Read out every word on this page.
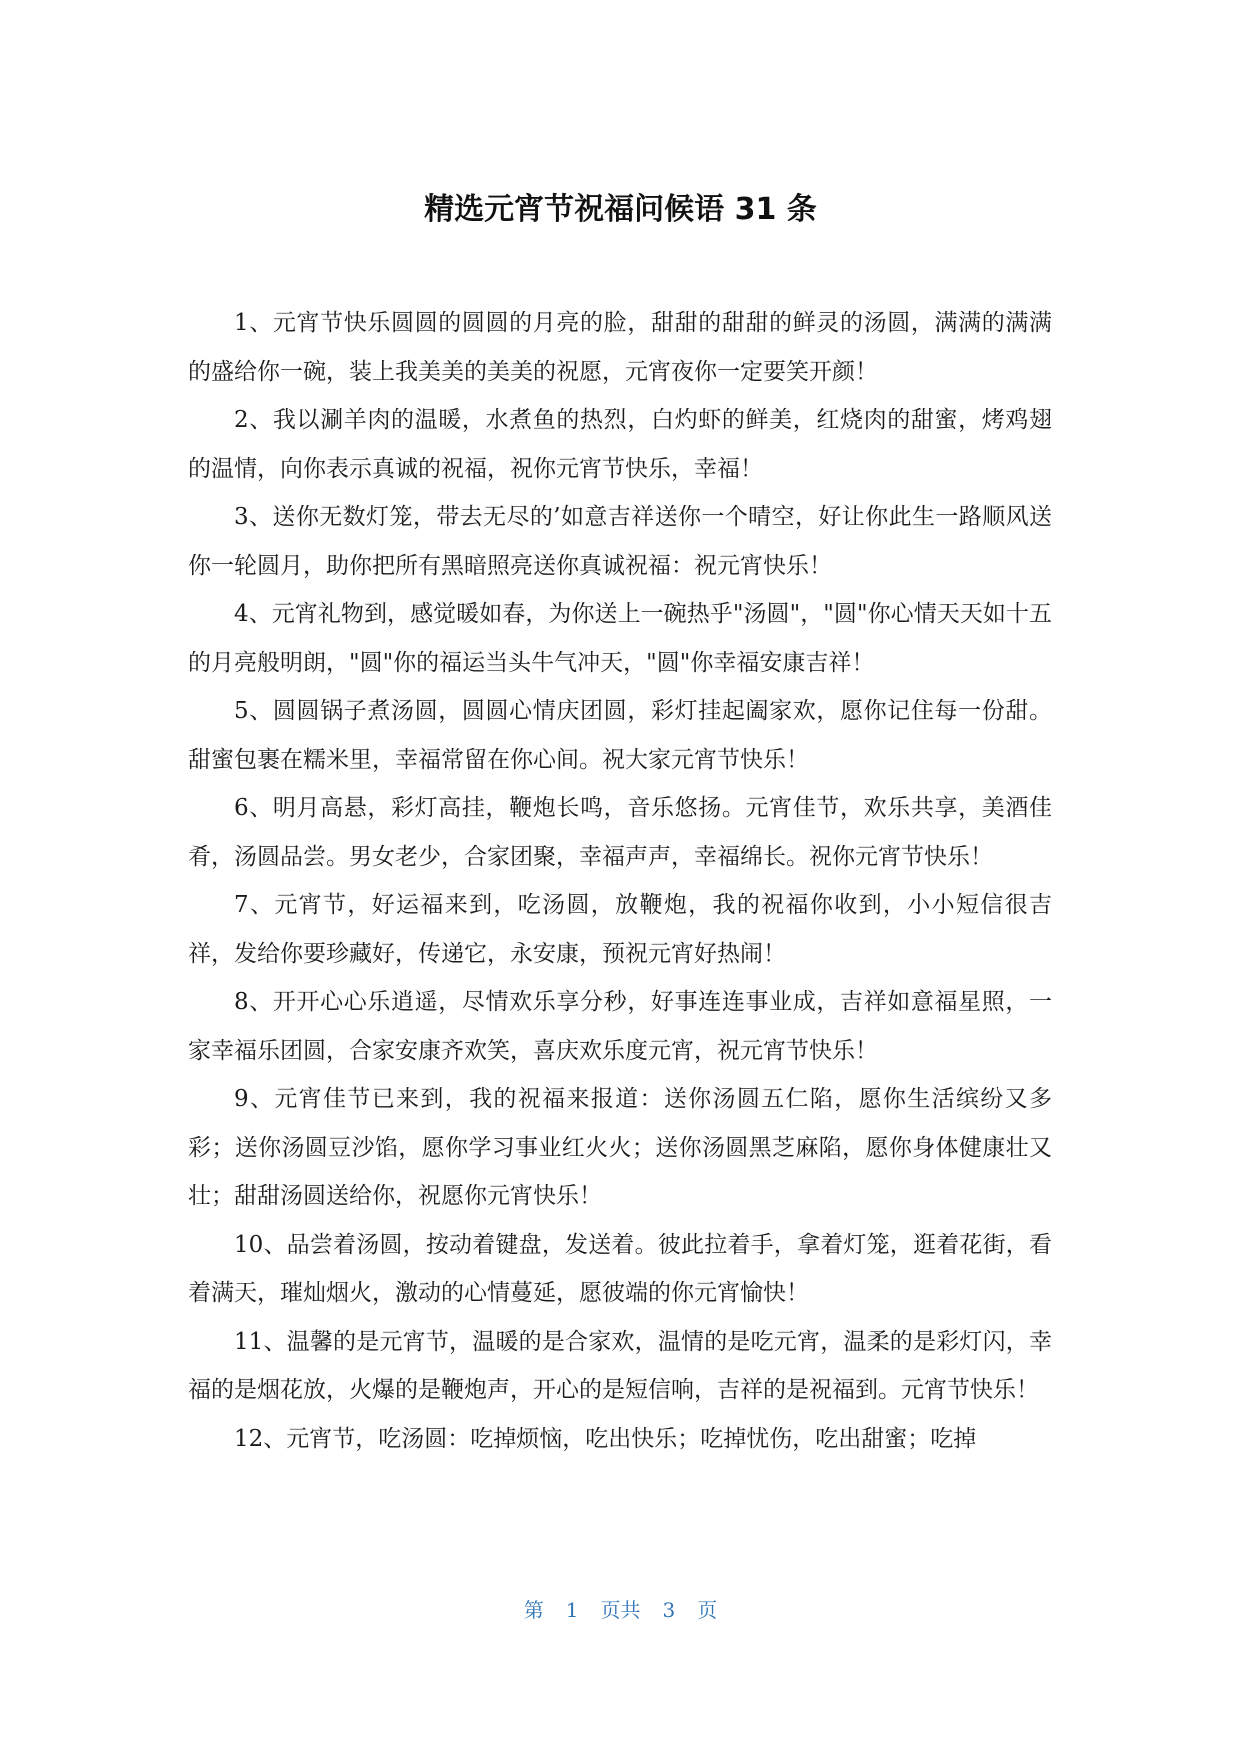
精选元宵节祝福问候语 31 条

1、元宵节快乐圆圆的圆圆的月亮的脸，甜甜的甜甜的鲜灵的汤圆，满满的满满的盛给你一碗，装上我美美的美美的祝愿，元宵夜你一定要笑开颜！

2、我以涮羊肉的温暖，水煮鱼的热烈，白灼虾的鲜美，红烧肉的甜蜜，烤鸡翅的温情，向你表示真诚的祝福，祝你元宵节快乐，幸福！

3、送你无数灯笼，带去无尽的’如意吉祥送你一个晴空，好让你此生一路顺风送你一轮圆月，助你把所有黑暗照亮送你真诚祝福：祝元宵快乐！

4、元宵礼物到，感觉暖如春，为你送上一碗热乎"汤圆"，"圆"你心情天天如十五的月亮般明朗，"圆"你的福运当头牛气冲天，"圆"你幸福安康吉祥！

5、圆圆锅子煮汤圆，圆圆心情庆团圆，彩灯挂起阖家欢，愿你记住每一份甜。甜蜜包裹在糯米里，幸福常留在你心间。祝大家元宵节快乐！

6、明月高悬，彩灯高挂，鞭炮长鸣，音乐悠扬。元宵佳节，欢乐共享，美酒佳肴，汤圆品尝。男女老少，合家团聚，幸福声声，幸福绵长。祝你元宵节快乐！

7、元宵节，好运福来到，吃汤圆，放鞭炮，我的祝福你收到，小小短信很吉祥，发给你要珍藏好，传递它，永安康，预祝元宵好热闹！

8、开开心心乐逍遥，尽情欢乐享分秒，好事连连事业成，吉祥如意福星照，一家幸福乐团圆，合家安康齐欢笑，喜庆欢乐度元宵，祝元宵节快乐！

9、元宵佳节已来到，我的祝福来报道：送你汤圆五仁陷，愿你生活缤纷又多彩；送你汤圆豆沙馅，愿你学习事业红火火；送你汤圆黑芝麻陷，愿你身体健康壮又壮；甜甜汤圆送给你，祝愿你元宵快乐！

10、品尝着汤圆，按动着键盘，发送着。彼此拉着手，拿着灯笼，逛着花街，看着满天，璀灿烟火，激动的心情蔓延，愿彼端的你元宵愉快！

11、温馨的是元宵节，温暖的是合家欢，温情的是吃元宵，温柔的是彩灯闪，幸福的是烟花放，火爆的是鞭炮声，开心的是短信响，吉祥的是祝福到。元宵节快乐！

12、元宵节，吃汤圆：吃掉烦恼，吃出快乐；吃掉忧伤，吃出甜蜜；吃掉

第 1 页共 3 页
